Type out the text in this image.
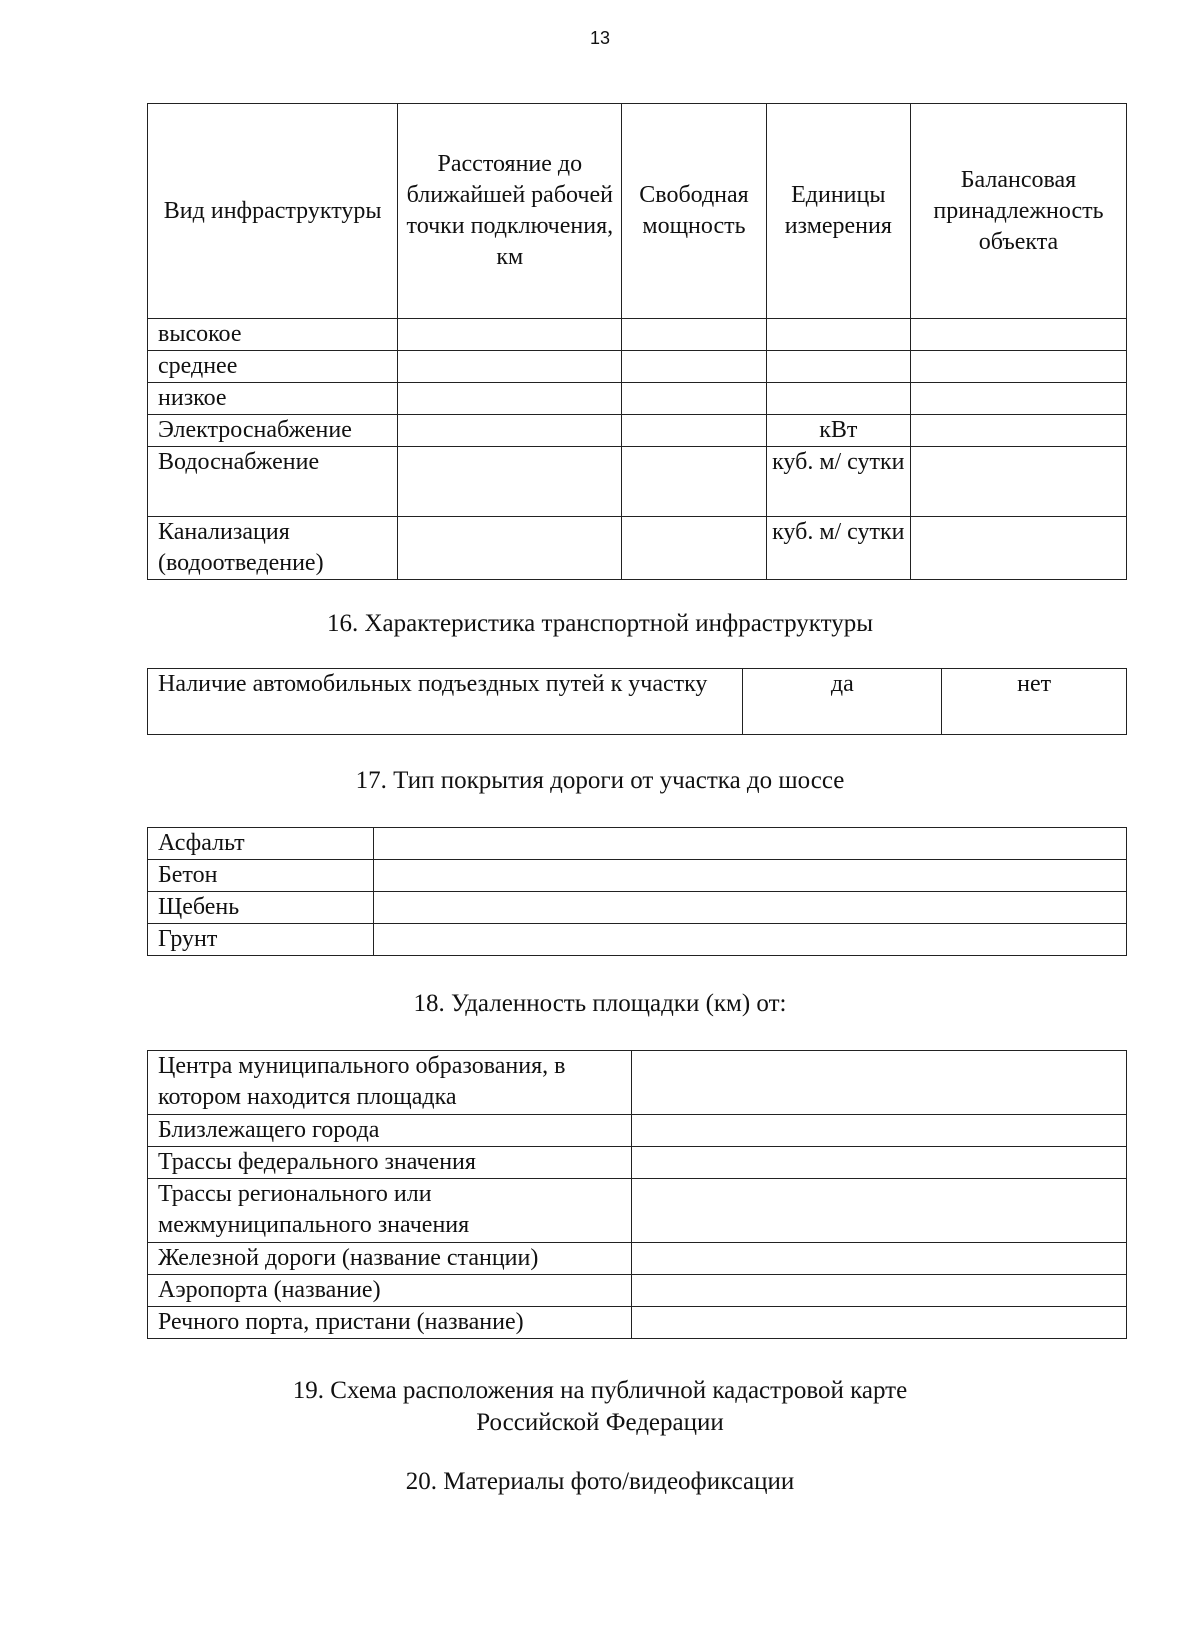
13
Вид инфраструктуры	Расстояние до ближайшей рабочей точки подключения, км	Свободная мощность	Единицы измерения	Балансовая принадлежность объекта
высокое				
среднее				
низкое				
Электроснабжение			кВт	
Водоснабжение			куб. м/ сутки	
Канализация (водоотведение)			куб. м/ сутки	
16. Характеристика транспортной инфраструктуры
Наличие автомобильных подъездных путей к участку	да	нет
17. Тип покрытия дороги от участка до шоссе
Асфальт	
Бетон	
Щебень	
Грунт	
18. Удаленность площадки (км) от:
Центра муниципального образования, в котором находится площадка	
Близлежащего города	
Трассы федерального значения	
Трассы регионального или межмуниципального значения	
Железной дороги (название станции)	
Аэропорта (название)	
Речного порта, пристани (название)	
19. Схема расположения на публичной кадастровой карте
Российской Федерации
20. Материалы фото/видеофиксации
